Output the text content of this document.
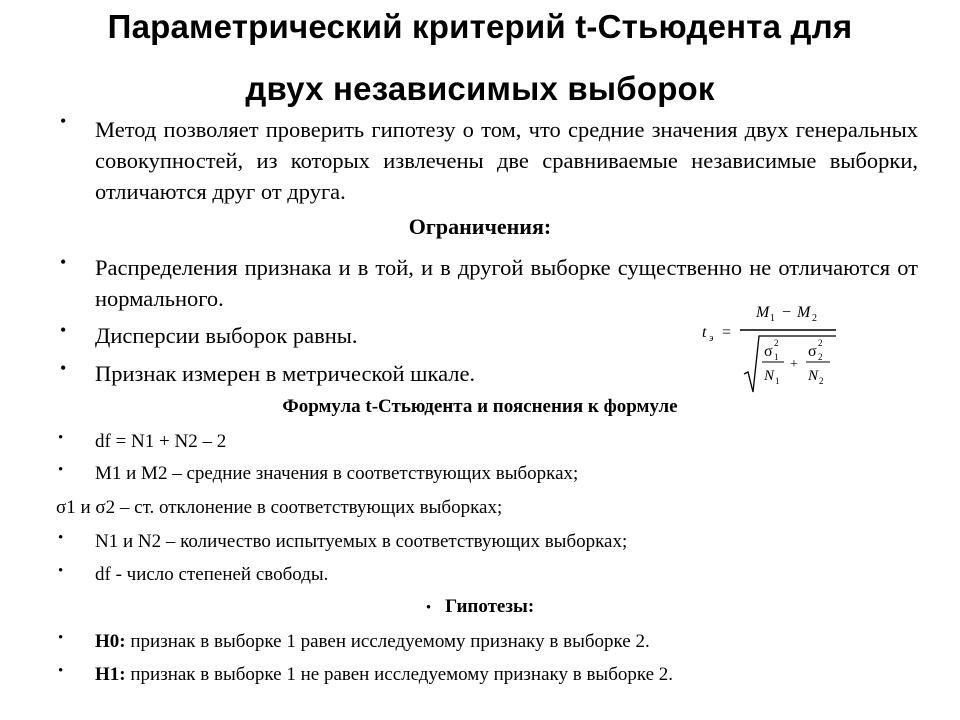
Параметрический критерий t-Стьюдента для
двух независимых выборок
• Метод позволяет проверить гипотезу о том, что средние значения двух генеральных совокупностей, из которых извлечены две сравниваемые независимые выборки, отличаются друг от друга.
Ограничения:
• Распределения признака и в той, и в другой выборке существенно не отличаются от нормального.
• Дисперсии выборок равны.
• Признак измерен в метрической шкале.
t э =
M 1 − M 2
σ 1
2
N 1
+
σ 2
2
N 2
Формула t-Стьюдента и пояснения к формуле
• df = N1 + N2 – 2
• М1 и М2 – средние значения в соответствующих выборках;
σ1 и σ2 – ст. отклонение в соответствующих выборках;
• N1 и N2 – количество испытуемых в соответствующих выборках;
• df - число степеней свободы.
• Гипотезы:
• Н0: признак в выборке 1 равен исследуемому признаку в выборке 2.
• Н1: признак в выборке 1 не равен исследуемому признаку в выборке 2.
